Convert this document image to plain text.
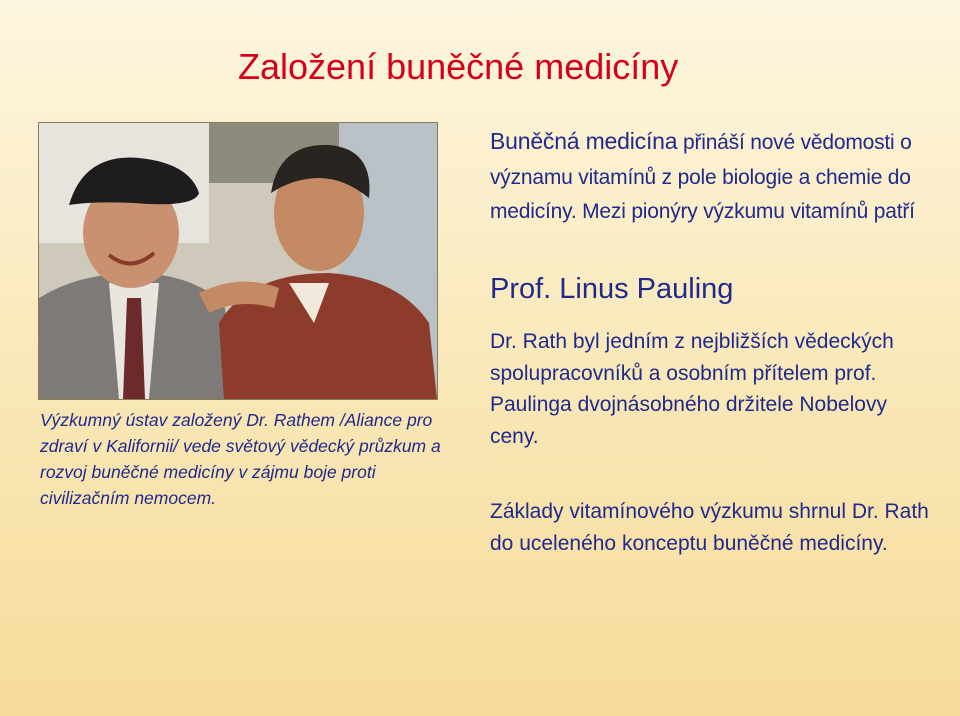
Založení buněčné medicíny

Výzkumný ústav založený Dr. Rathem /Aliance pro zdraví v Kalifornii/ vede světový vědecký průzkum a rozvoj buněčné medicíny v zájmu boje proti civilizačním nemocem.

Buněčná medicína přináší nové vědomosti o významu vitamínů z pole biologie a chemie do medicíny. Mezi pionýry výzkumu vitamínů patří

Prof. Linus Pauling

Dr. Rath byl jedním z nejbližších vědeckých spolupracovníků a osobním přítelem prof. Paulinga dvojnásobného držitele Nobelovy ceny.

Základy vitamínového výzkumu shrnul Dr. Rath do uceleného konceptu buněčné medicíny.
